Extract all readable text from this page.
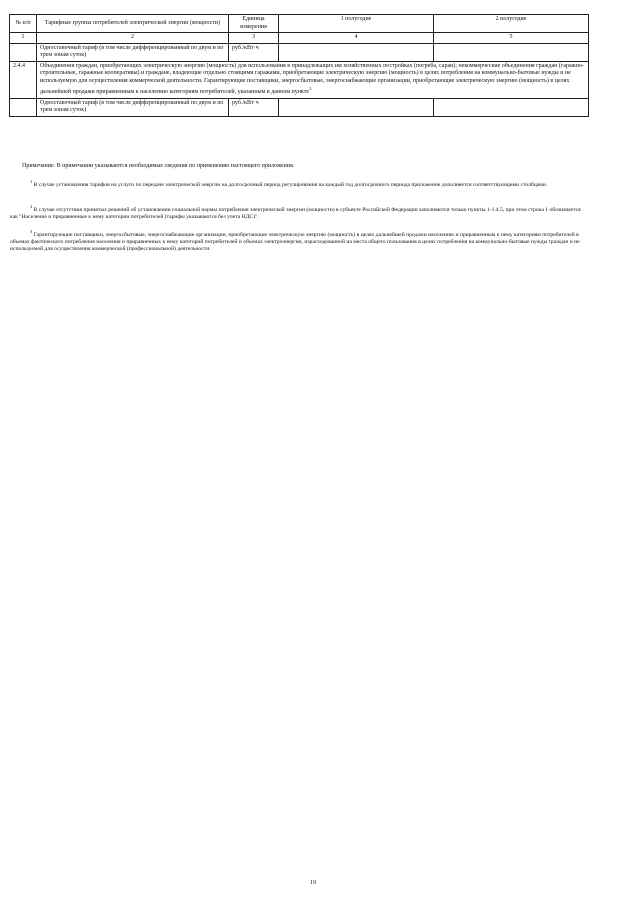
№ п/п	Тарифные группы потребителей электрической энергии (мощности)	Единица измерения	1 полугодие	2 полугодие
1	2	3	4	5
	Одноставочный тариф (в том числе дифференцированный по двум и по трем зонам суток)	руб./кВт·ч		
2.4.4	Объединения граждан, приобретающих электрическую энергию (мощность) для использования в принадлежащих им хозяйственных постройках (погреба, сараи); некоммерческие объединения граждан (гаражно-строительные, гаражные кооперативы) и граждане, владеющие отдельно стоящими гаражами, приобретающие электрическую энергию (мощность) в целях потребления на коммунально-бытовые нужды и не используемую для осуществления коммерческой деятельности. Гарантирующие поставщики, энергосбытовые, энергоснабжающие организации, приобретающие электрическую энергию (мощность) в целях дальнейшей продажи приравненным к населению категориям потребителей, указанным в данном пункте$^3$
	Одноставочный тариф (в том числе дифференцированный по двум и по трем зонам суток)	руб./кВт·ч		
Примечание. В примечании указываются необходимые сведения по применению настоящего приложения.
$^1$ В случае установления тарифов на услуги по передаче электрической энергии на долгосрочный период регулирования на каждый год долгосрочного периода приложение дополняется соответствующими столбцами.
$^2$ В случае отсутствия принятых решений об установлении социальной нормы потребления электрической энергии (мощности) в субъекте Российской Федерации заполняются только пункты 1-1.4.5, при этом строка 1 обозначается как "Население и приравненные к нему категории потребителей (тарифы указываются без учета НДС)".
$^3$ Гарантирующие поставщики, энергосбытовые, энергоснабжающие организации, приобретающие электрическую энергию (мощность) в целях дальнейшей продажи населению и приравненным к нему категориям потребителей в объемах фактического потребления населения и приравненных к нему категорий потребителей и объемах электроэнергии, израсходованной на места общего пользования в целях потребления на коммунально-бытовые нужды граждан и не используемой для осуществления коммерческой (профессиональной) деятельности.
19
